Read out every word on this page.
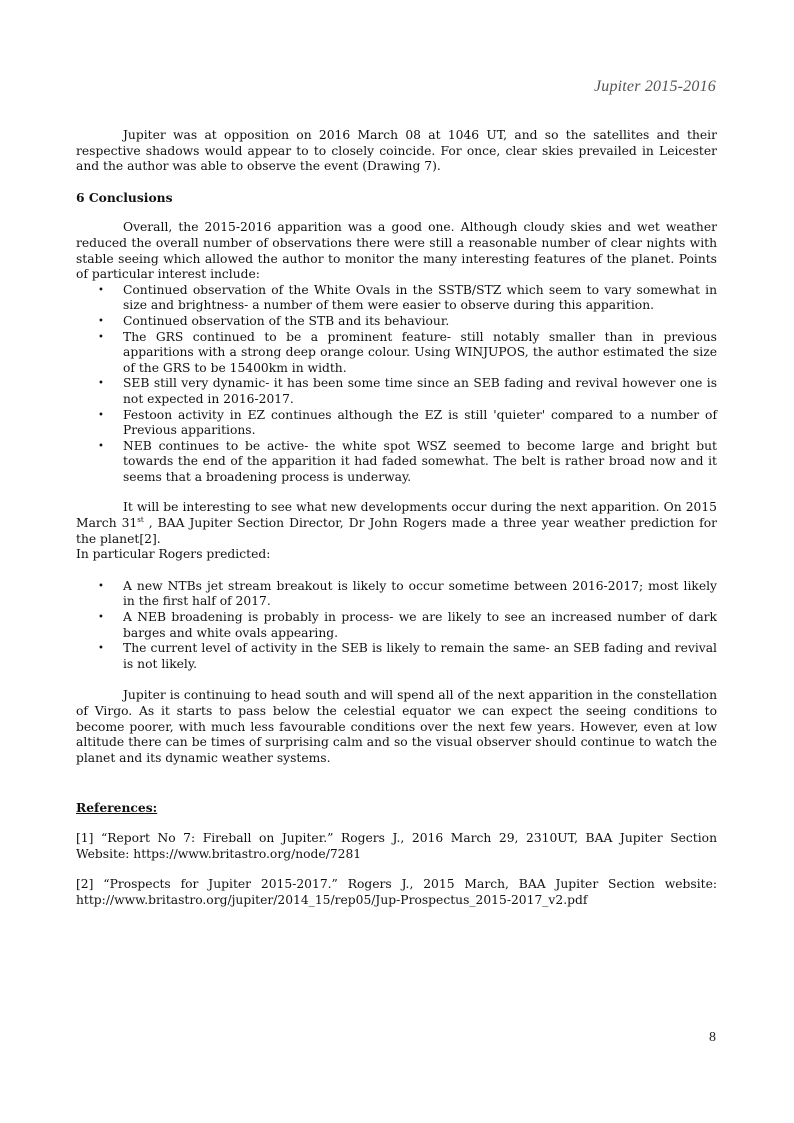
Jupiter 2015-2016

Jupiter was at opposition on 2016 March 08 at 1046 UT, and so the satellites and their respective shadows would appear to to closely coincide. For once, clear skies prevailed in Leicester and the author was able to observe the event (Drawing 7).

6 Conclusions

Overall, the 2015-2016 apparition was a good one. Although cloudy skies and wet weather reduced the overall number of observations there were still a reasonable number of clear nights with stable seeing which allowed the author to monitor the many interesting features of the planet. Points of particular interest include:

• Continued observation of the White Ovals in the SSTB/STZ which seem to vary somewhat in size and brightness- a number of them were easier to observe during this apparition.
• Continued observation of the STB and its behaviour.
• The GRS continued to be a prominent feature- still notably smaller than in previous apparitions with a strong deep orange colour. Using WINJUPOS, the author estimated the size of the GRS to be 15400km in width.
• SEB still very dynamic- it has been some time since an SEB fading and revival however one is not expected in 2016-2017.
• Festoon activity in EZ continues although the EZ is still 'quieter' compared to a number of Previous apparitions.
• NEB continues to be active- the white spot WSZ seemed to become large and bright but towards the end of the apparition it had faded somewhat. The belt is rather broad now and it seems that a broadening process is underway.

It will be interesting to see what new developments occur during the next apparition. On 2015 March 31st , BAA Jupiter Section Director, Dr John Rogers made a three year weather prediction for the planet[2].

In particular Rogers predicted:

• A new NTBs jet stream breakout is likely to occur sometime between 2016-2017; most likely in the first half of 2017.
• A NEB broadening is probably in process- we are likely to see an increased number of dark barges and white ovals appearing.
• The current level of activity in the SEB is likely to remain the same- an SEB fading and revival is not likely.

Jupiter is continuing to head south and will spend all of the next apparition in the constellation of Virgo. As it starts to pass below the celestial equator we can expect the seeing conditions to become poorer, with much less favourable conditions over the next few years. However, even at low altitude there can be times of surprising calm and so the visual observer should continue to watch the planet and its dynamic weather systems.

References:

[1] “Report No 7: Fireball on Jupiter.” Rogers J., 2016 March 29, 2310UT, BAA Jupiter Section Website: https://www.britastro.org/node/7281

[2] “Prospects for Jupiter 2015-2017.” Rogers J., 2015 March, BAA Jupiter Section website: http://www.britastro.org/jupiter/2014_15/rep05/Jup-Prospectus_2015-2017_v2.pdf

8
